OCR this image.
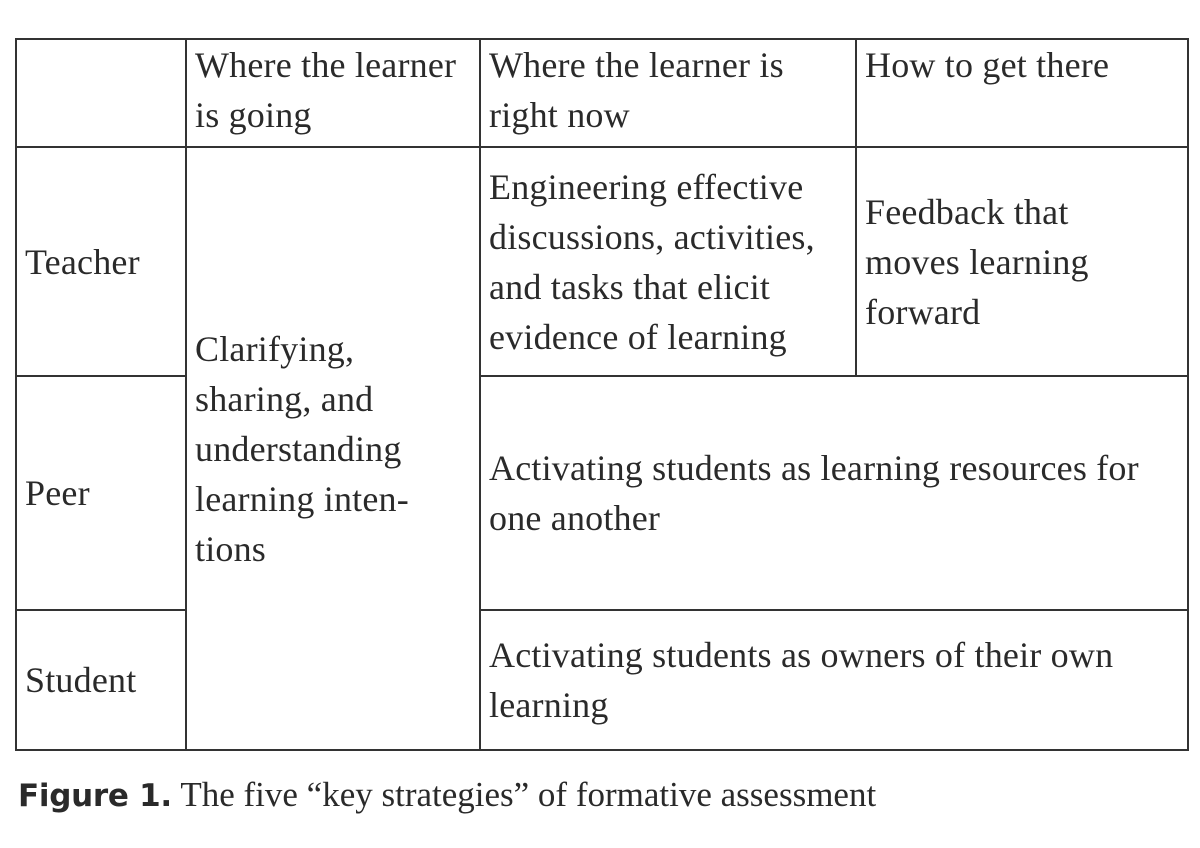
	Where the learner is going	Where the learner is right now	How to get there

Teacher	Clarifying, sharing, and understanding learning inten-tions	Engineering effective discussions, activities, and tasks that elicit evidence of learning	Feedback that moves learning forward

Peer		Activating students as learning resources for one another	

Student		Activating students as owners of their own learning	
Figure 1. The five “key strategies” of formative assessment
